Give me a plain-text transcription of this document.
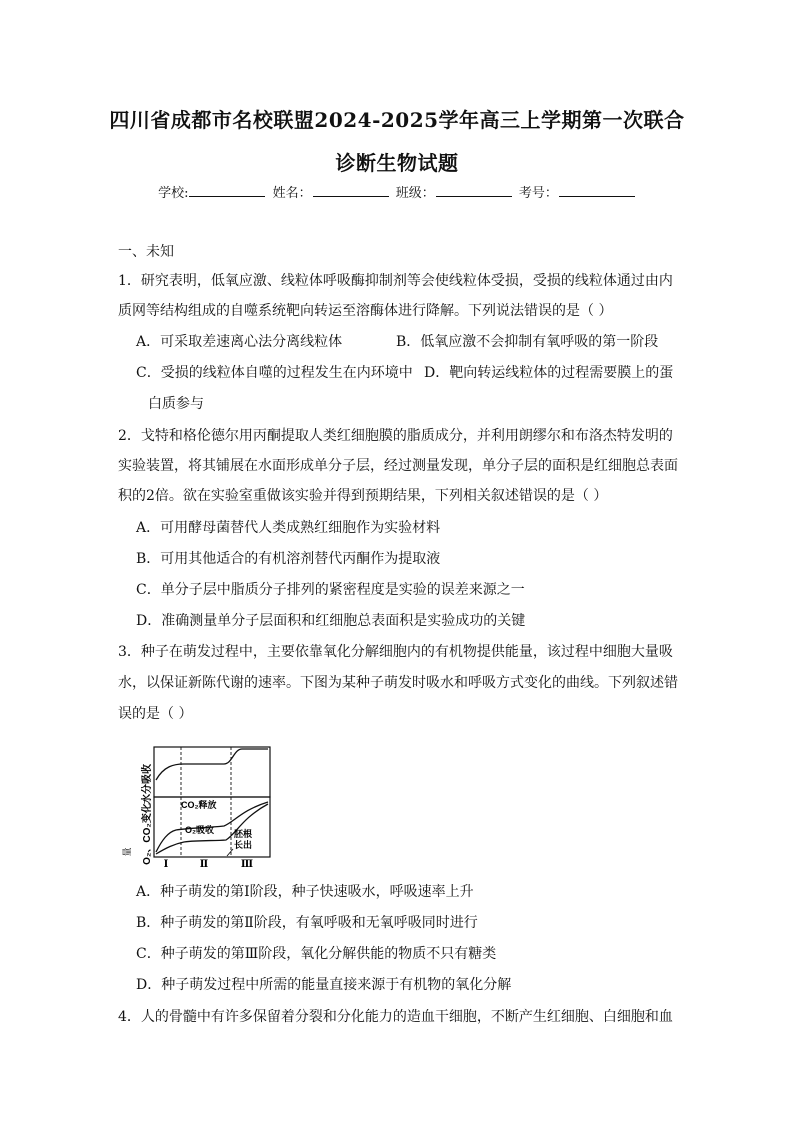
四川省成都市名校联盟2024-2025学年高三上学期第一次联合
诊断生物试题
学校:	姓名：	班级：	考号：
一、未知
1．研究表明，低氧应激、线粒体呼吸酶抑制剂等会使线粒体受损，受损的线粒体通过由内
质网等结构组成的自噬系统靶向转运至溶酶体进行降解。下列说法错误的是（ ）
A．可采取差速离心法分离线粒体	B．低氧应激不会抑制有氧呼吸的第一阶段
C．受损的线粒体自噬的过程发生在内环境中 D．靶向转运线粒体的过程需要膜上的蛋
白质参与
2．戈特和格伦德尔用丙酮提取人类红细胞膜的脂质成分，并利用朗缪尔和布洛杰特发明的
实验装置，将其铺展在水面形成单分子层，经过测量发现，单分子层的面积是红细胞总表面
积的2倍。欲在实验室重做该实验并得到预期结果，下列相关叙述错误的是（ ）
A．可用酵母菌替代人类成熟红细胞作为实验材料
B．可用其他适合的有机溶剂替代丙酮作为提取液
C．单分子层中脂质分子排列的紧密程度是实验的误差来源之一
D．准确测量单分子层面积和红细胞总表面积是实验成功的关键
3．种子在萌发过程中，主要依靠氧化分解细胞内的有机物提供能量，该过程中细胞大量吸
水，以保证新陈代谢的速率。下图为某种子萌发时吸水和呼吸方式变化的曲线。下列叙述错
误的是（ ）
水分吸收
O₂、CO₂变化
量
CO₂释放
O₂吸收 胚根
长出
Ⅰ	Ⅱ	Ⅲ
A．种子萌发的第Ⅰ阶段，种子快速吸水，呼吸速率上升
B．种子萌发的第Ⅱ阶段，有氧呼吸和无氧呼吸同时进行
C．种子萌发的第Ⅲ阶段，氧化分解供能的物质不只有糖类
D．种子萌发过程中所需的能量直接来源于有机物的氧化分解
4．人的骨髓中有许多保留着分裂和分化能力的造血干细胞，不断产生红细胞、白细胞和血
